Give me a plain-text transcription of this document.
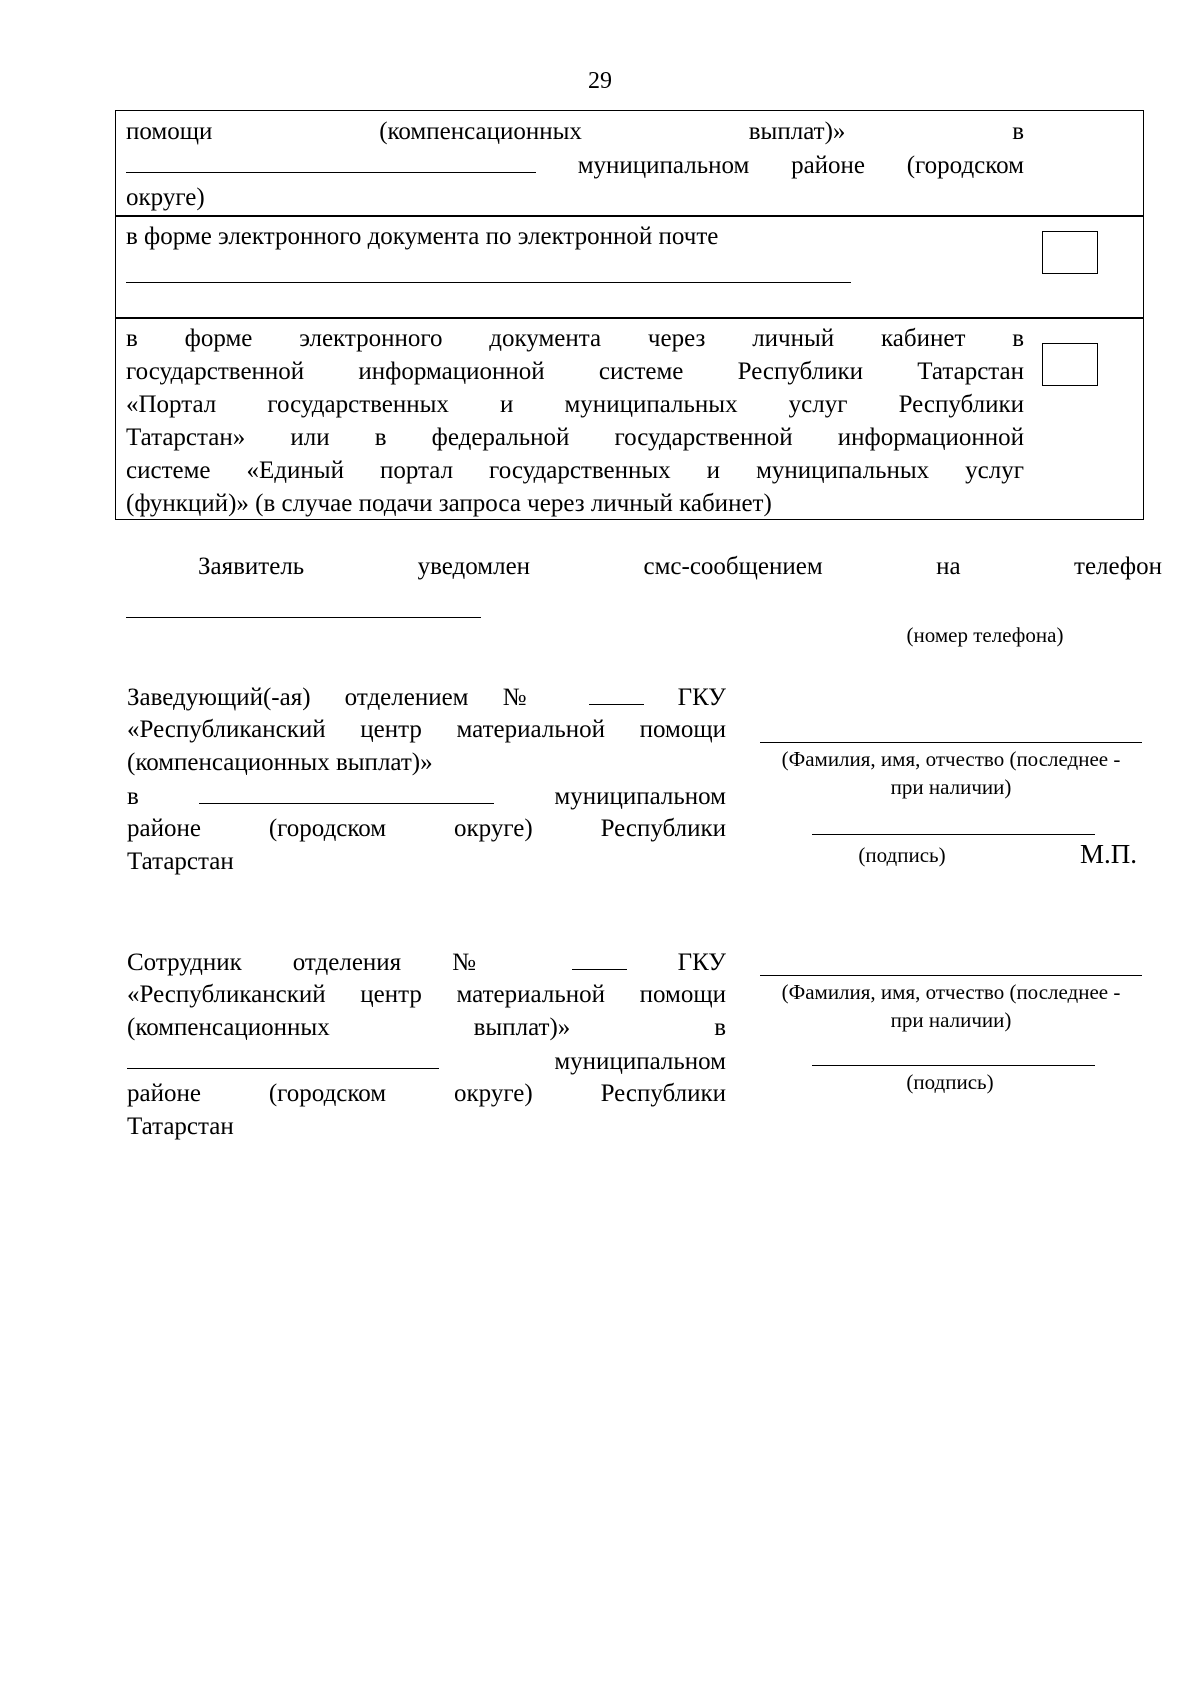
29
помощи	(компенсационных	выплат)»	в
муниципальном районе (городском
округе)
в форме электронного документа по электронной почте
в форме электронного документа через личный кабинет в
государственной информационной системе Республики Татарстан
«Портал государственных и муниципальных услуг Республики
Татарстан» или в федеральной государственной информационной
системе «Единый портал государственных и муниципальных услуг
(функций)» (в случае подачи запроса через личный кабинет)
Заявитель	уведомлен	смс-сообщением	на	телефон
(номер телефона)
Заведующий(-ая) отделением №	ГКУ
«Республиканский центр материальной помощи
(компенсационных выплат)»
в	муниципальном
районе	(городском	округе)	Республики
Татарстан
(Фамилия, имя, отчество (последнее -
при наличии)
(подпись)	М.П.
Сотрудник отделения №	ГКУ
«Республиканский центр материальной помощи
(компенсационных	выплат)»	в
муниципальном
районе	(городском	округе)	Республики
Татарстан
(Фамилия, имя, отчество (последнее -
при наличии)
(подпись)
